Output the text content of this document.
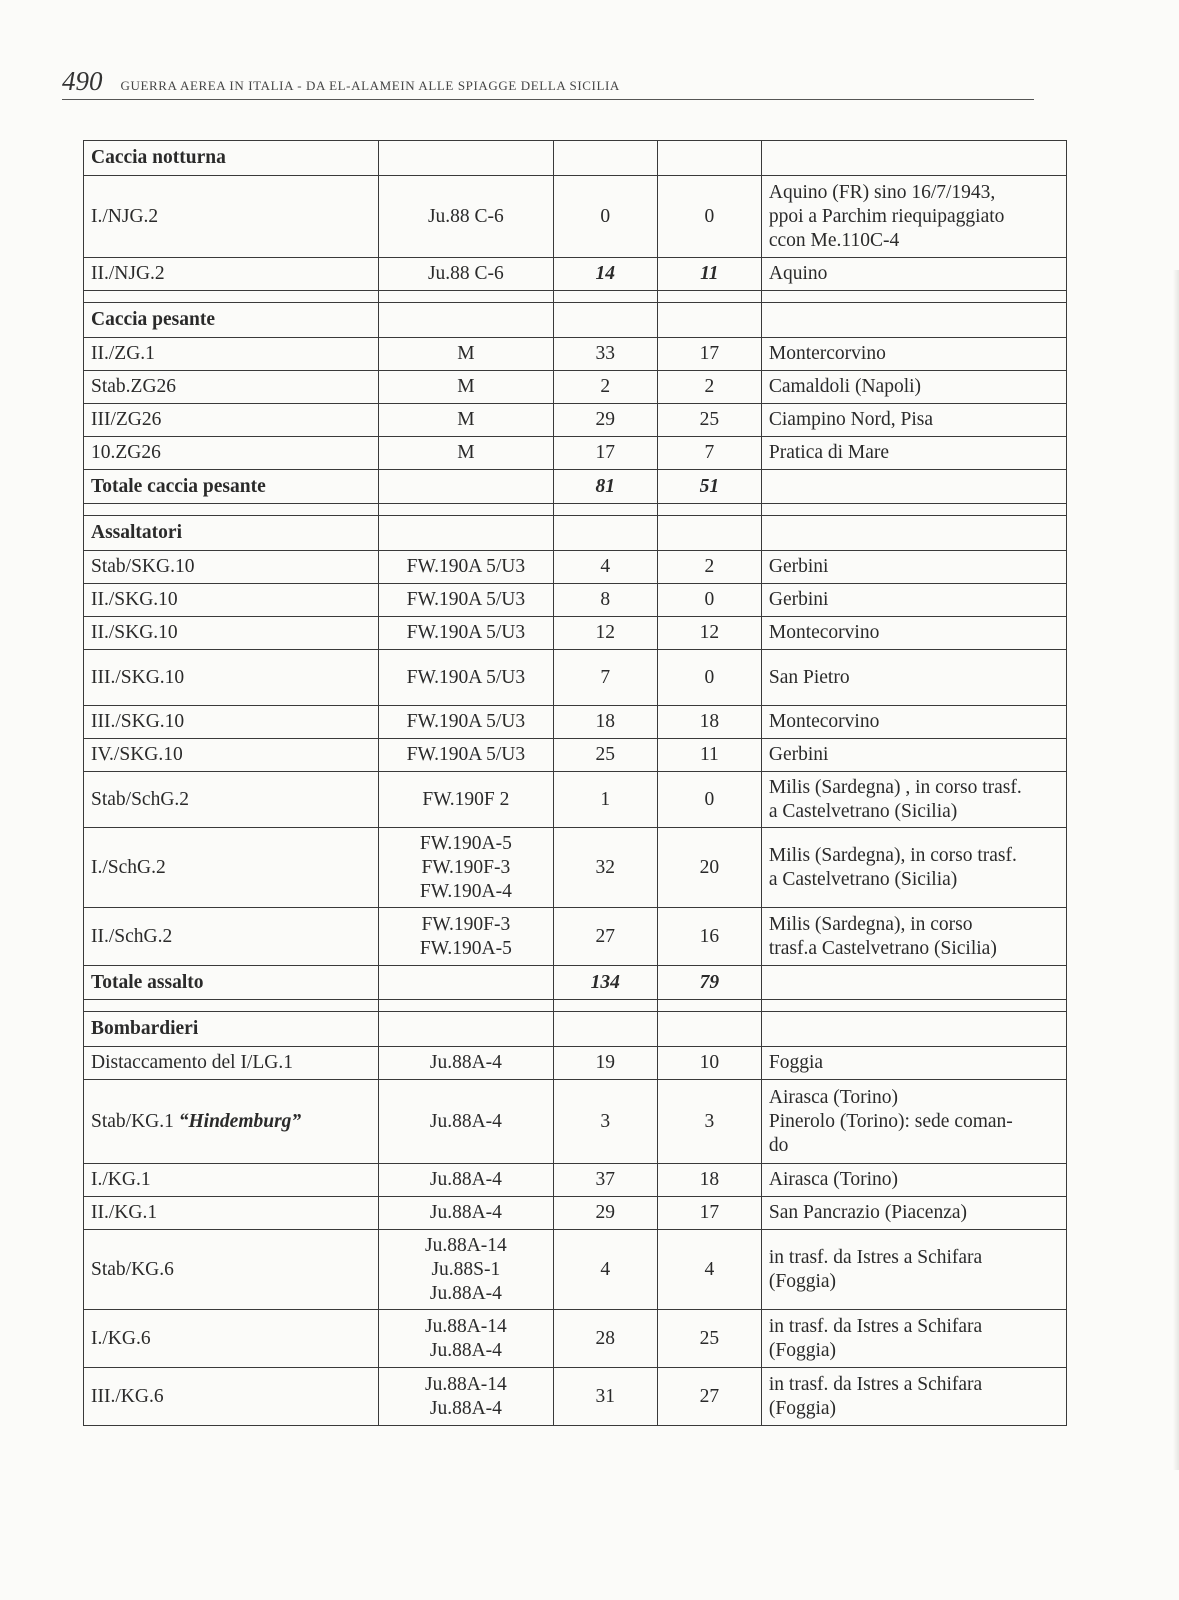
490 GUERRA AEREA IN ITALIA - DA EL-ALAMEIN ALLE SPIAGGE DELLA SICILIA
Caccia notturna				
I./NJG.2	Ju.88 C-6	0	0	Aquino (FR) sino 16/7/1943,
ppoi a Parchim riequipaggiato
ccon Me.110C-4

II./NJG.2	Ju.88 C-6	14	11	Aquino

Caccia pesante				
II./ZG.1	M	33	17	Montercorvino

Stab.ZG26	M	2	2	Camaldoli (Napoli)

III/ZG26	M	29	25	Ciampino Nord, Pisa

10.ZG26	M	17	7	Pratica di Mare

Totale caccia pesante		81	51	

Assaltatori				
Stab/SKG.10	FW.190A 5/U3	4	2	Gerbini

II./SKG.10	FW.190A 5/U3	8	0	Gerbini

II./SKG.10	FW.190A 5/U3	12	12	Montecorvino

III./SKG.10	FW.190A 5/U3	7	0	San Pietro

III./SKG.10	FW.190A 5/U3	18	18	Montecorvino

IV./SKG.10	FW.190A 5/U3	25	11	Gerbini

Stab/SchG.2	FW.190F 2	1	0	Milis (Sardegna) , in corso trasf.
a Castelvetrano (Sicilia)

I./SchG.2	FW.190A-5
FW.190F-3
FW.190A-4	32	20	Milis (Sardegna), in corso trasf.
a Castelvetrano (Sicilia)

II./SchG.2	FW.190F-3
FW.190A-5	27	16	Milis (Sardegna), in corso
trasf.a Castelvetrano (Sicilia)

Totale assalto		134	79	

Bombardieri				
Distaccamento del I/LG.1	Ju.88A-4	19	10	Foggia

Stab/KG.1 “Hindemburg”	Ju.88A-4	3	3	Airasca (Torino)
Pinerolo (Torino): sede coman-
do

I./KG.1	Ju.88A-4	37	18	Airasca (Torino)

II./KG.1	Ju.88A-4	29	17	San Pancrazio (Piacenza)

Stab/KG.6	Ju.88A-14
Ju.88S-1
Ju.88A-4	4	4	in trasf. da Istres a Schifara
(Foggia)

I./KG.6	Ju.88A-14
Ju.88A-4	28	25	in trasf. da Istres a Schifara
(Foggia)

III./KG.6	Ju.88A-14
Ju.88A-4	31	27	in trasf. da Istres a Schifara
(Foggia)
